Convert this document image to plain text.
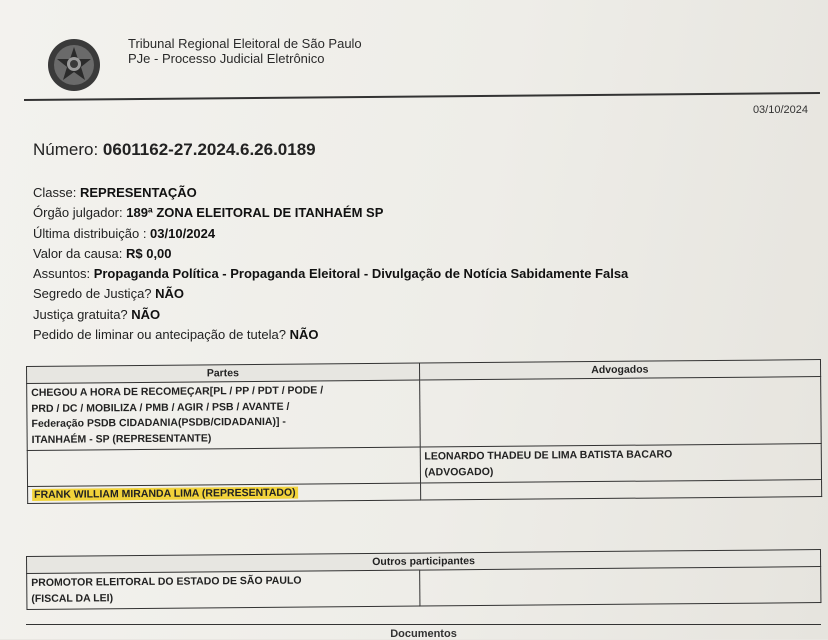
Tribunal Regional Eleitoral de São Paulo
PJe - Processo Judicial Eletrônico
03/10/2024
Número: 0601162-27.2024.6.26.0189
Classe: REPRESENTAÇÃO
Órgão julgador: 189ª ZONA ELEITORAL DE ITANHAÉM SP
Última distribuição : 03/10/2024
Valor da causa: R$ 0,00
Assuntos: Propaganda Política - Propaganda Eleitoral - Divulgação de Notícia Sabidamente Falsa
Segredo de Justiça? NÃO
Justiça gratuita? NÃO
Pedido de liminar ou antecipação de tutela? NÃO
Partes	Advogados

CHEGOU A HORA DE RECOMEÇAR[PL / PP / PDT / PODE /
PRD / DC / MOBILIZA / PMB / AGIR / PSB / AVANTE /
Federação PSDB CIDADANIA(PSDB/CIDADANIA)] -
ITANHAÉM - SP (REPRESENTANTE)	

	LEONARDO THADEU DE LIMA BATISTA BACARO
(ADVOGADO)

FRANK WILLIAM MIRANDA LIMA (REPRESENTADO)	
Outros participantes

PROMOTOR ELEITORAL DO ESTADO DE SÃO PAULO
(FISCAL DA LEI)

Documentos
